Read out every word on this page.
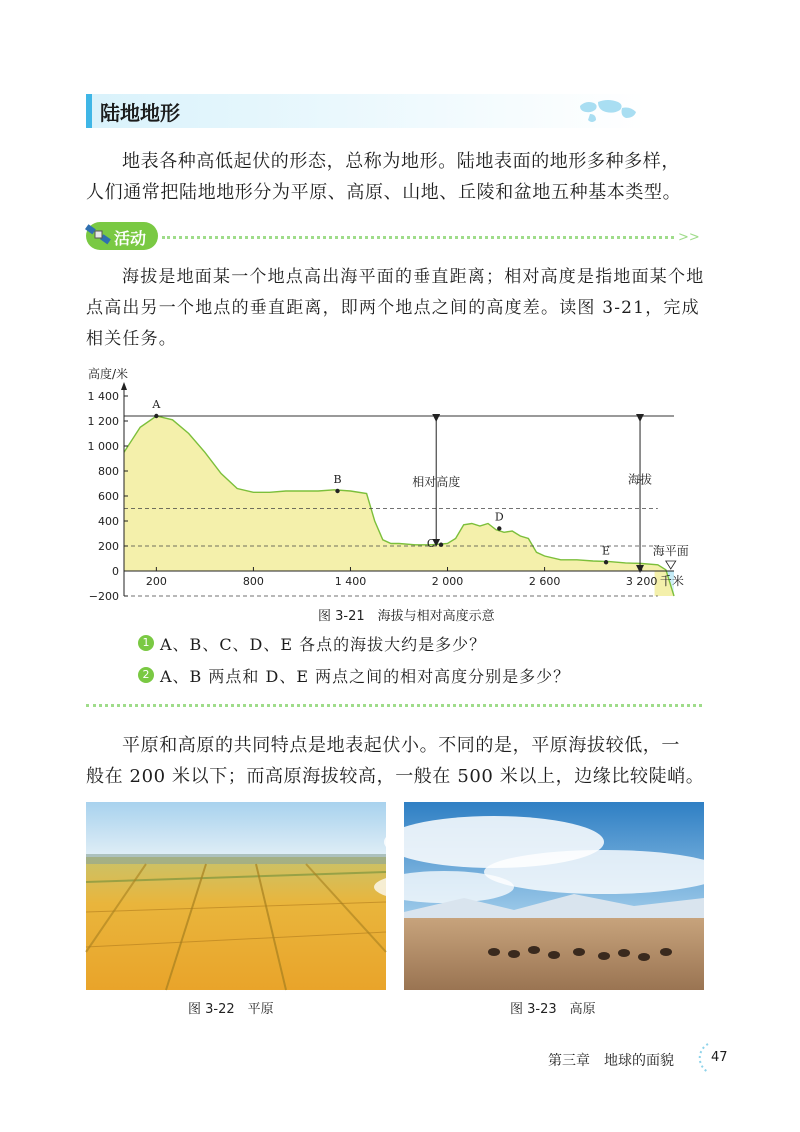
陆地地形
地表各种高低起伏的形态，总称为地形。陆地表面的地形多种多样，
人们通常把陆地地形分为平原、高原、山地、丘陵和盆地五种基本类型。
活动	>>
海拔是地面某一个地点高出海平面的垂直距离；相对高度是指地面某个地
点高出另一个地点的垂直距离，即两个地点之间的高度差。读图 3-21，完成
相关任务。
1 400
1 200
1 000
800
600
400
200
0
−200
200	800	1 400	2 000	2 600	3 200
高度/米
千米
A
B
C
D
E
相对高度	海拔
海平面
图 3-21　海拔与相对高度示意
1 A、B、C、D、E 各点的海拔大约是多少？
2 A、B 两点和 D、E 两点之间的相对高度分别是多少？
平原和高原的共同特点是地表起伏小。不同的是，平原海拔较低，一
般在 200 米以下；而高原海拔较高，一般在 500 米以上，边缘比较陡峭。
图 3-22　平原	图 3-23　高原
第三章　地球的面貌	47
